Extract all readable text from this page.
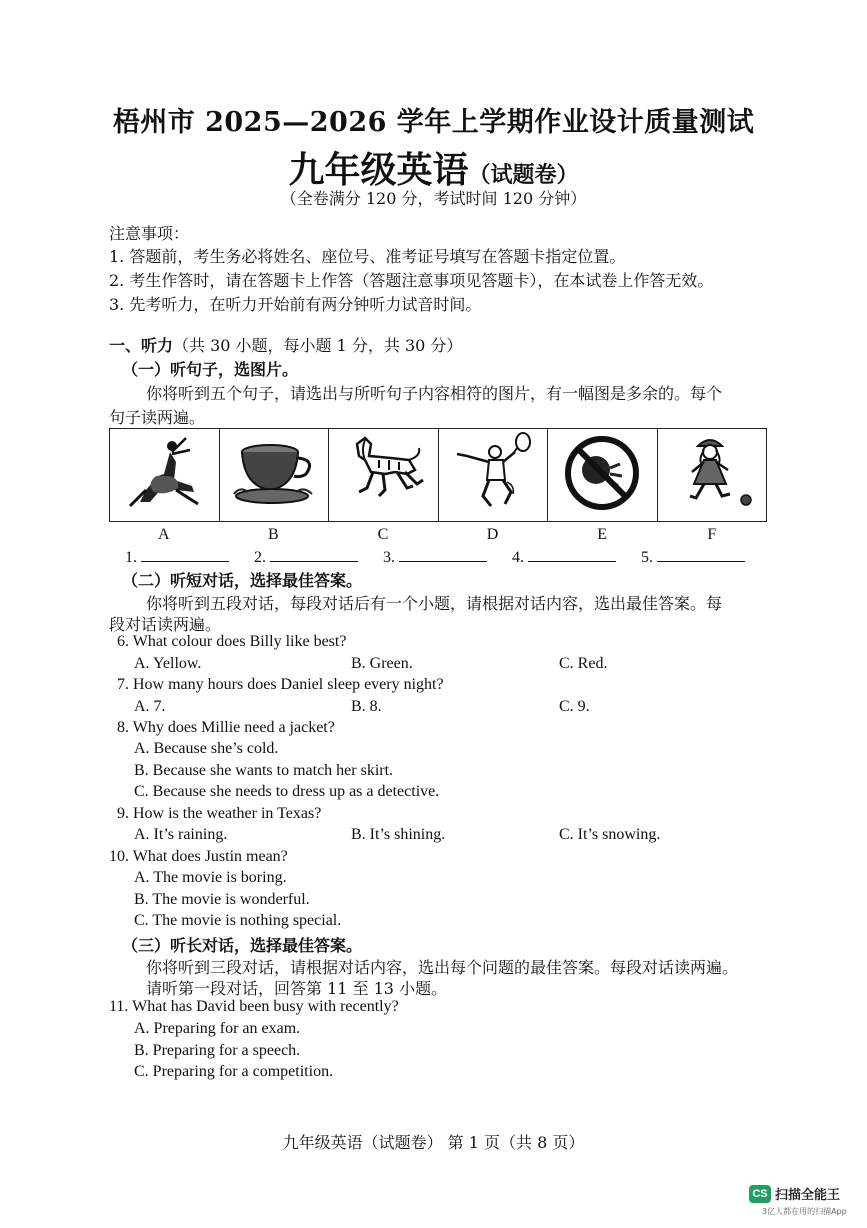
梧州市 2025—2026 学年上学期作业设计质量测试
九年级英语（试题卷）
（全卷满分 120 分，考试时间 120 分钟）
注意事项：
1. 答题前，考生务必将姓名、座位号、准考证号填写在答题卡指定位置。
2. 考生作答时，请在答题卡上作答（答题注意事项见答题卡），在本试卷上作答无效。
3. 先考听力，在听力开始前有两分钟听力试音时间。
一、听力（共 30 小题，每小题 1 分，共 30 分）
（一）听句子，选图片。
你将听到五个句子，请选出与所听句子内容相符的图片，有一幅图是多余的。每个
句子读两遍。

A	B	C	D	E	F
1.	2.	3.	4.	5.
（二）听短对话，选择最佳答案。
你将听到五段对话，每段对话后有一个小题，请根据对话内容，选出最佳答案。每
段对话读两遍。
6. What colour does Billy like best?
A. Yellow.	B. Green.	C. Red.
7. How many hours does Daniel sleep every night?
A. 7.	B. 8.	C. 9.
8. Why does Millie need a jacket?
A. Because she’s cold.
B. Because she wants to match her skirt.
C. Because she needs to dress up as a detective.
9. How is the weather in Texas?
A. It’s raining.	B. It’s shining.	C. It’s snowing.
10. What does Justin mean?
A. The movie is boring.
B. The movie is wonderful.
C. The movie is nothing special.
（三）听长对话，选择最佳答案。
你将听到三段对话，请根据对话内容，选出每个问题的最佳答案。每段对话读两遍。
请听第一段对话，回答第 11 至 13 小题。
11. What has David been busy with recently?
A. Preparing for an exam.
B. Preparing for a speech.
C. Preparing for a competition.
九年级英语（试题卷） 第 1 页（共 8 页）
CS 扫描全能王
3亿人都在用的扫描App
